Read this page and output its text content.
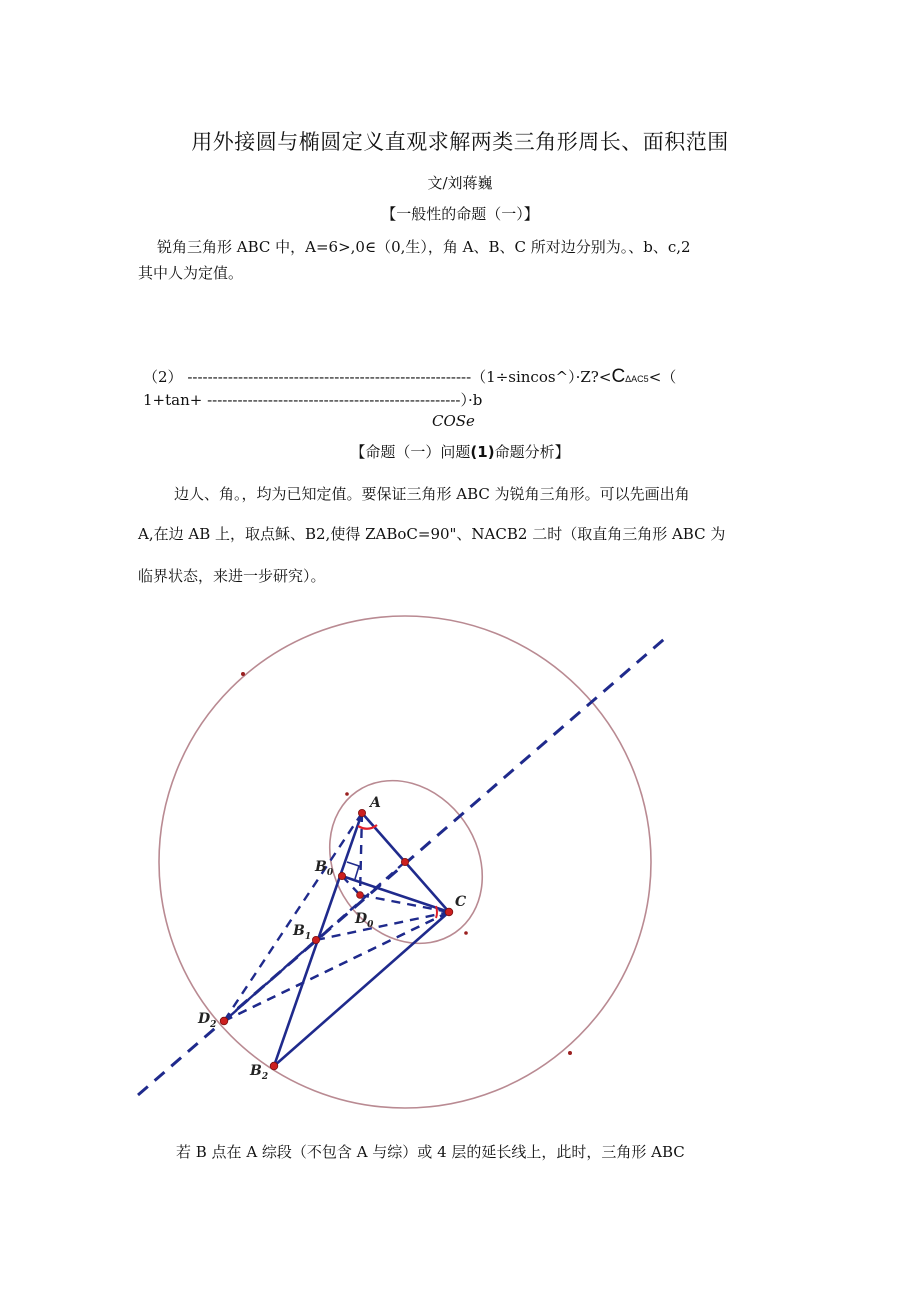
用外接圆与椭圆定义直观求解两类三角形周长、面积范围

文/刘蒋巍

【一般性的命题（一）】

锐角三角形 ABC 中，A=6>,0∈（0,生），角 A、B、C 所对边分别为。、b、c,2

其中人为定值。

（2） --------------------------------------------------------（1÷sincos^）·Z?<CΔAC5<（

1+tan+ --------------------------------------------------）·b

COSe

【命题（一）问题(1)命题分析】

边人、角。，均为已知定值。要保证三角形 ABC 为锐角三角形。可以先画出角

A,在边 AB 上，取点稣、B2,使得 ZABoC=90"、NACB2 二时（取直角三角形 ABC 为

临界状态，来进一步研究）。

A
$B_0$
C
$D_0$
$B_1$
$D_2$
$B_2$

若 B 点在 A 综段（不包含 A 与综）或 4 层的延长线上，此时，三角形 ABC
